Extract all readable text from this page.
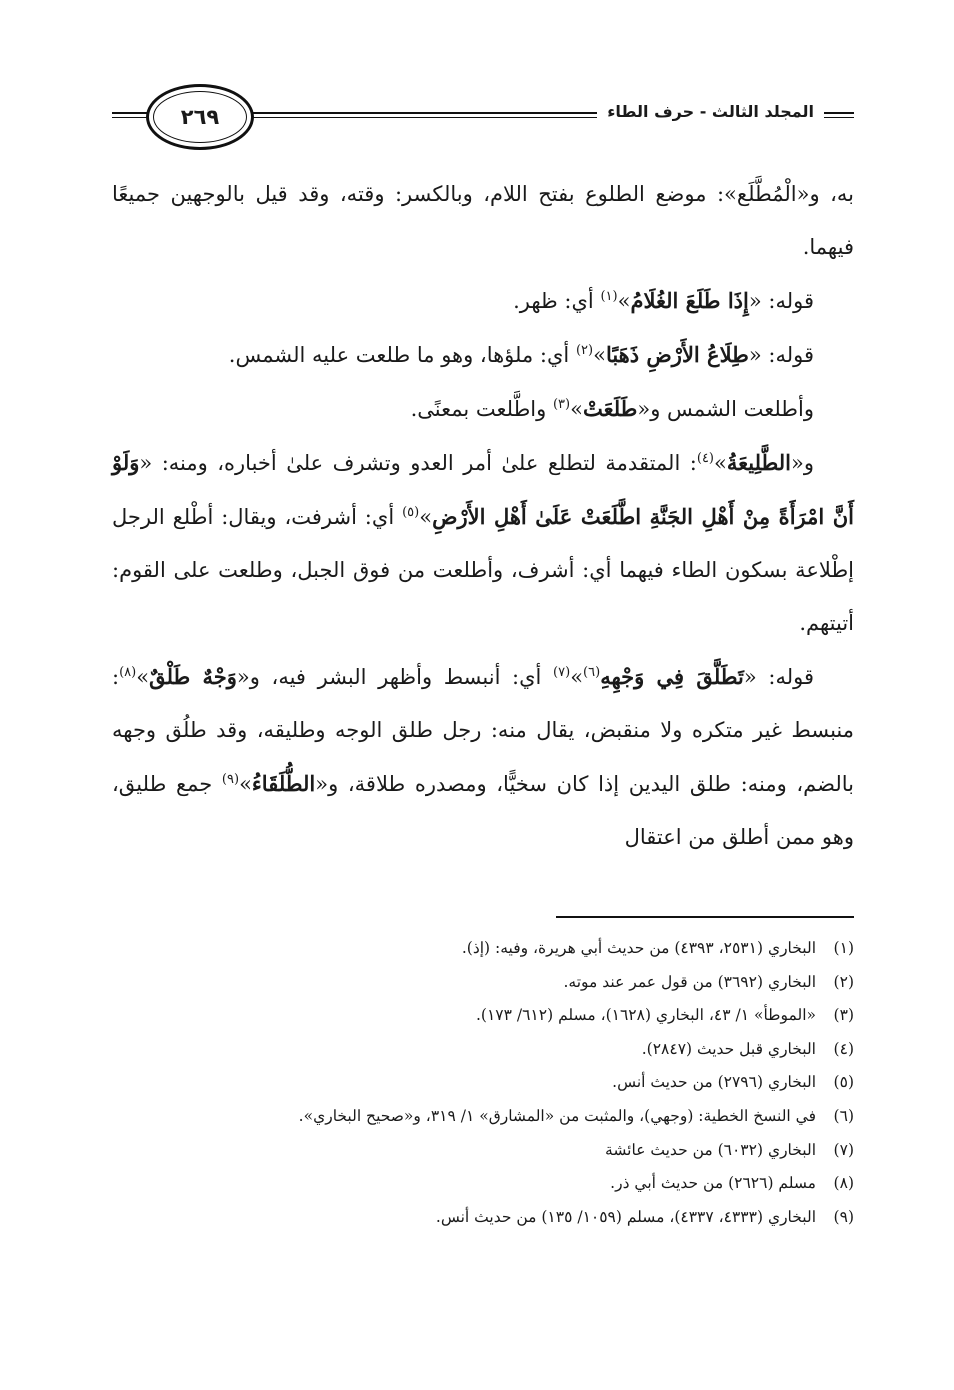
٢٦٩	المجلد الثالث - حرف الطاء

به، و«الْمُطَّلَع»: موضع الطلوع بفتح اللام، وبالكسر: وقته، وقد قيل بالوجهين جميعًا فيهما.

قوله: «إِذَا طَلَعَ الغُلَامُ»$^{(١)}$ أي: ظهر.

قوله: «طِلَاعُ الأَرْضِ ذَهَبًا»$^{(٢)}$ أي: ملؤها، وهو ما طلعت عليه الشمس.

وأطلعت الشمس و«طَلَعَتْ»$^{(٣)}$ واطَّلعت بمعنًى.

و«الطَّلِيعَةُ»$^{(٤)}$: المتقدمة لتطلع علىٰ أمر العدو وتشرف علىٰ أخباره، ومنه: «وَلَوْ أَنَّ امْرَأَةً مِنْ أَهْلِ الجَنَّةِ اطَّلَعَتْ عَلَىٰ أَهْلِ الأَرْضِ»$^{(٥)}$ أي: أشرفت، ويقال: أطْلع الرجل إطْلاعة بسكون الطاء فيهما أي: أشرف، وأطلعت من فوق الجبل، وطلعت على القوم: أتيتهم.

قوله: «تَطَلَّقَ فِي وَجْهِهِ$^{(٦)}$»$^{(٧)}$ أي: أنبسط وأظهر البشر فيه، و«وَجْهٌ طَلْقٌ»$^{(٨)}$: منبسط غير متكره ولا منقبض، يقال منه: رجل طلق الوجه وطليقه، وقد طلُق وجهه بالضم، ومنه: طلق اليدين إذا كان سخيًّا، ومصدره طلاقة، و«الطُّلَقَاءُ»$^{(٩)}$ جمع طليق، وهو ممن أطلق من اعتقال

(١)البخاري (٢٥٣١، ٤٣٩٣) من حديث أبي هريرة، وفيه: (إذ).
(٢)البخاري (٣٦٩٢) من قول عمر عند موته.
(٣)«الموطأ» ١/ ٤٣، البخاري (١٦٢٨)، مسلم (٦١٢/ ١٧٣).
(٤)البخاري قبل حديث (٢٨٤٧).
(٥)البخاري (٢٧٩٦) من حديث أنس.
(٦)في النسخ الخطية: (وجهي)، والمثبت من «المشارق» ١/ ٣١٩، و«صحيح البخاري».
(٧)البخاري (٦٠٣٢) من حديث عائشة
(٨)مسلم (٢٦٢٦) من حديث أبي ذر.
(٩)البخاري (٤٣٣٣، ٤٣٣٧)، مسلم (١٠٥٩/ ١٣٥) من حديث أنس.
